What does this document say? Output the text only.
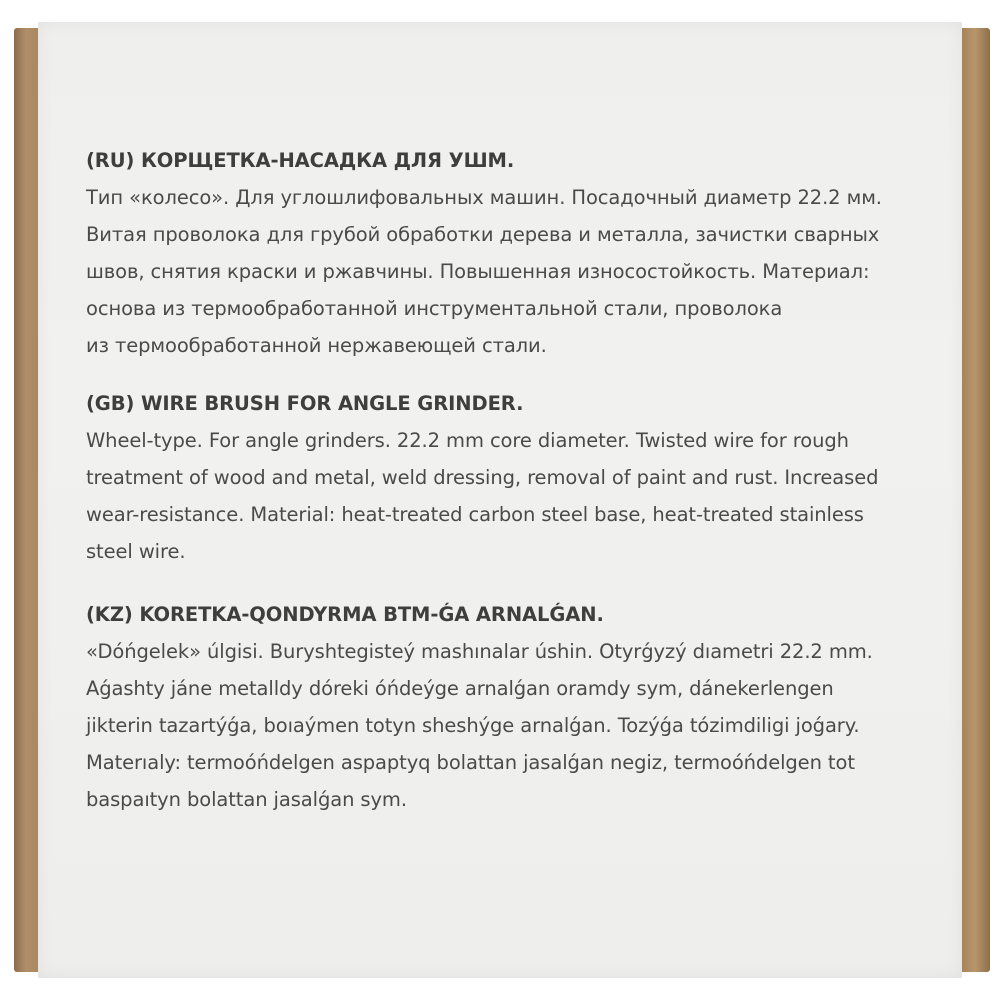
(RU) КОРЩЕТКА-НАСАДКА ДЛЯ УШМ.
Тип «колесо». Для углошлифовальных машин. Посадочный диаметр 22.2 мм.
Витая проволока для грубой обработки дерева и металла, зачистки сварных
швов, снятия краски и ржавчины. Повышенная износостойкость. Материал:
основа из термообработанной инструментальной стали, проволока
из термообработанной нержавеющей стали.
(GB) WIRE BRUSH FOR ANGLE GRINDER.
Wheel-type. For angle grinders. 22.2 mm core diameter. Twisted wire for rough
treatment of wood and metal, weld dressing, removal of paint and rust. Increased
wear-resistance. Material: heat-treated carbon steel base, heat-treated stainless
steel wire.
(KZ) KORETKA-QONDYRMA BTM-ǴA ARNALǴAN.
«Dóńgelek» úlgisi. Buryshtegisteý mashınalar úshin. Otyrǵyzý dıametri 22.2 mm.
Aǵashty jáne metalldy dóreki óńdeýge arnalǵan oramdy sym, dánekerlengen
jikterin tazartýǵa, boıaýmen totyn sheshýge arnalǵan. Tozýǵa tózimdiligi joǵary.
Materıaly: termoóńdelgen aspaptyq bolattan jasalǵan negiz, termoóńdelgen tot
baspaıtyn bolattan jasalǵan sym.
